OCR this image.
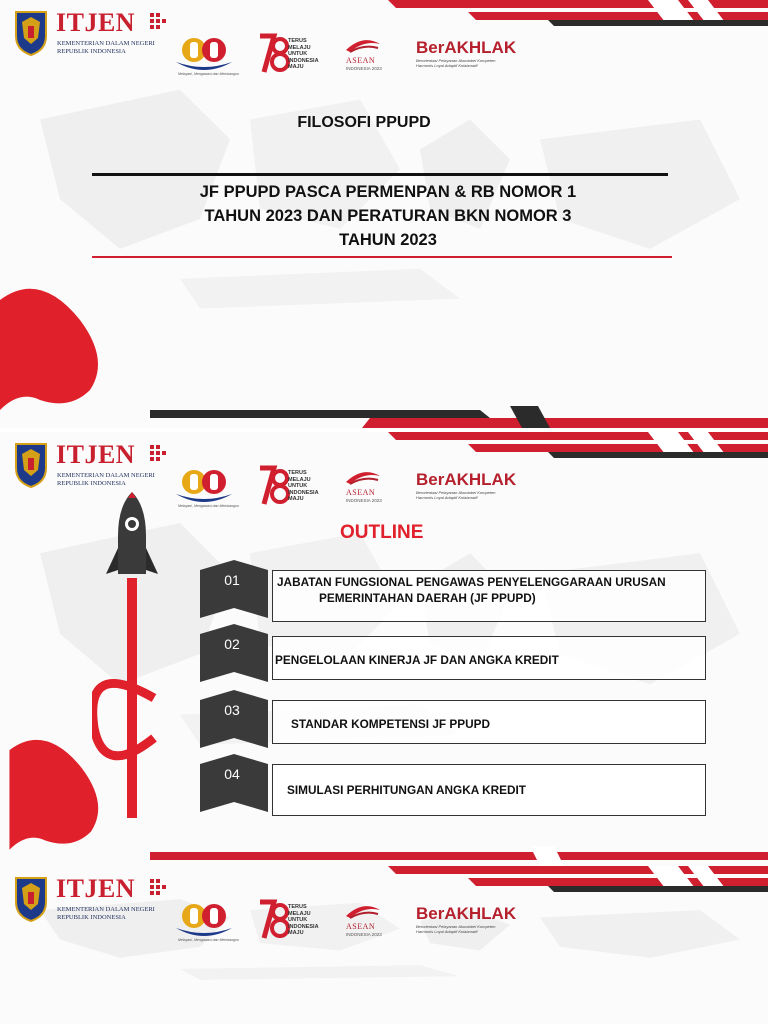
ITJEN
KEMENTERIAN DALAM NEGERI
REPUBLIK INDONESIA
Melayani, Mengawasi dan Membangun
TERUS
MELAJU
UNTUK
INDONESIA
MAJU
ASEAN
INDONESIA 2023
BerAKHLAK
Berorientasi Pelayanan Akuntabel Kompeten
Harmonis Loyal Adaptif Kolaboratif
FILOSOFI PPUPD
JF PPUPD PASCA PERMENPAN & RB NOMOR 1
TAHUN 2023 DAN PERATURAN BKN NOMOR 3
TAHUN 2023
ITJEN
KEMENTERIAN DALAM NEGERI
REPUBLIK INDONESIA
Melayani, Mengawasi dan Membangun
TERUS
MELAJU
UNTUK
INDONESIA
MAJU
ASEAN
INDONESIA 2023
BerAKHLAK
Berorientasi Pelayanan Akuntabel Kompeten
Harmonis Loyal Adaptif Kolaboratif
OUTLINE
01	JABATAN FUNGSIONAL PENGAWAS PENYELENGGARAAN URUSAN
PEMERINTAHAN DAERAH (JF PPUPD)
02
PENGELOLAAN KINERJA JF DAN ANGKA KREDIT
03
STANDAR KOMPETENSI JF PPUPD
04
SIMULASI PERHITUNGAN ANGKA KREDIT
ITJEN
KEMENTERIAN DALAM NEGERI
REPUBLIK INDONESIA
Melayani, Mengawasi dan Membangun
TERUS
MELAJU
UNTUK
INDONESIA
MAJU
ASEAN
INDONESIA 2023
BerAKHLAK
Berorientasi Pelayanan Akuntabel Kompeten
Harmonis Loyal Adaptif Kolaboratif
